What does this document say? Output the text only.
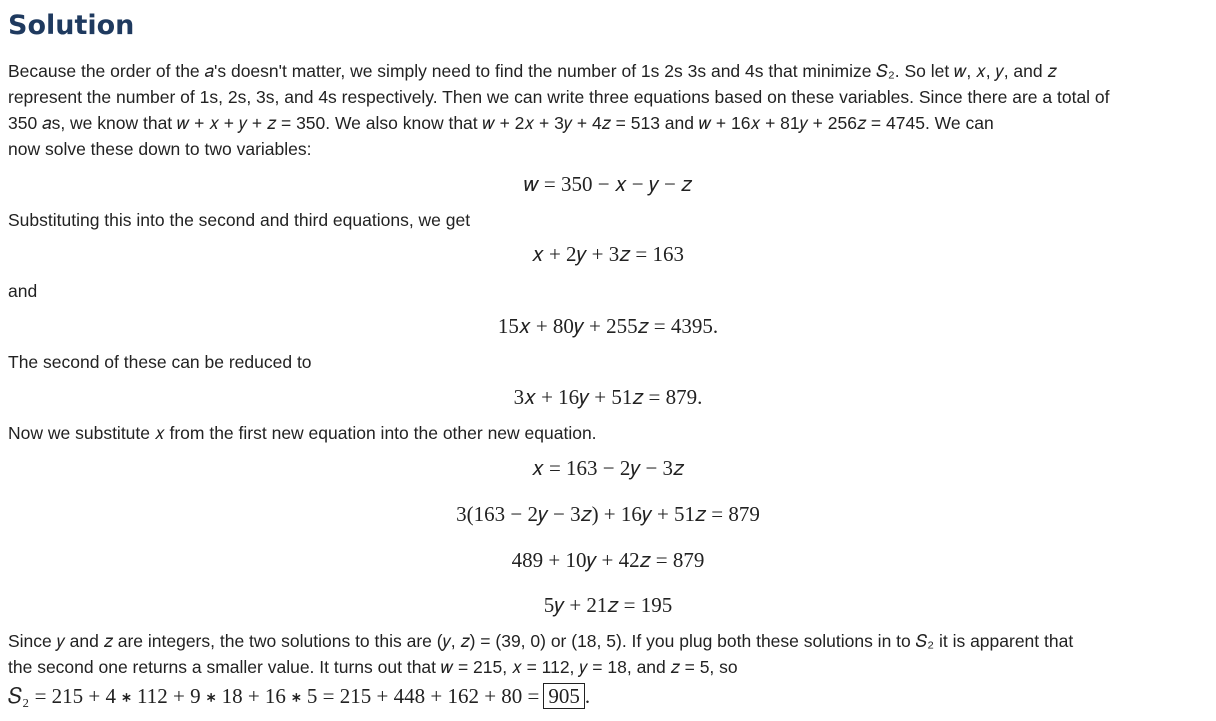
Solution
Because the order of the 𝑎's doesn't matter, we simply need to find the number of 1s 2s 3s and 4s that minimize 𝑆₂. So let 𝑤, 𝑥, 𝑦, and 𝑧
represent the number of 1s, 2s, 3s, and 4s respectively. Then we can write three equations based on these variables. Since there are a total of
350 𝑎s, we know that 𝑤 + 𝑥 + 𝑦 + 𝑧 = 350. We also know that 𝑤 + 2𝑥 + 3𝑦 + 4𝑧 = 513 and 𝑤 + 16𝑥 + 81𝑦 + 256𝑧 = 4745. We can
now solve these down to two variables:
𝑤 = 350 − 𝑥 − 𝑦 − 𝑧
Substituting this into the second and third equations, we get
𝑥 + 2𝑦 + 3𝑧 = 163
and
15𝑥 + 80𝑦 + 255𝑧 = 4395.
The second of these can be reduced to
3𝑥 + 16𝑦 + 51𝑧 = 879.
Now we substitute 𝑥 from the first new equation into the other new equation.
𝑥 = 163 − 2𝑦 − 3𝑧
3(163 − 2𝑦 − 3𝑧) + 16𝑦 + 51𝑧 = 879
489 + 10𝑦 + 42𝑧 = 879
5𝑦 + 21𝑧 = 195
Since 𝑦 and 𝑧 are integers, the two solutions to this are (𝑦, 𝑧) = (39, 0) or (18, 5). If you plug both these solutions in to 𝑆₂ it is apparent that
the second one returns a smaller value. It turns out that 𝑤 = 215, 𝑥 = 112, 𝑦 = 18, and 𝑧 = 5, so
𝑆₂ = 215 + 4 ∗ 112 + 9 ∗ 18 + 16 ∗ 5 = 215 + 448 + 162 + 80 = 905 .
